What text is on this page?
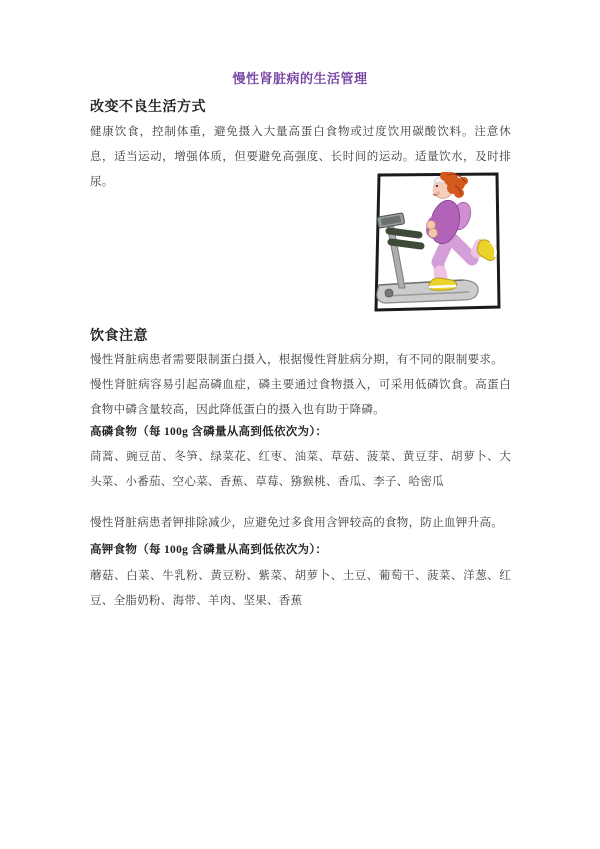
慢性肾脏病的生活管理
改变不良生活方式
健康饮食，控制体重，避免摄入大量高蛋白食物或过度饮用碳酸饮料。注意休息，适当运动，增强体质，但要避免高强度、长时间的运动。适量饮水，及时排尿。
饮食注意
慢性肾脏病患者需要限制蛋白摄入，根据慢性肾脏病分期，有不同的限制要求。
慢性肾脏病容易引起高磷血症，磷主要通过食物摄入，可采用低磷饮食。高蛋白食物中磷含量较高，因此降低蛋白的摄入也有助于降磷。
高磷食物（每 100g 含磷量从高到低依次为）：
茼蒿、豌豆苗、冬笋、绿菜花、红枣、油菜、草菇、菠菜、黄豆芽、胡萝卜、大头菜、小番茄、空心菜、香蕉、草莓、猕猴桃、香瓜、李子、哈密瓜
慢性肾脏病患者钾排除减少，应避免过多食用含钾较高的食物，防止血钾升高。
高钾食物（每 100g 含磷量从高到低依次为）：
蘑菇、白菜、牛乳粉、黄豆粉、紫菜、胡萝卜、土豆、葡萄干、菠菜、洋葱、红豆、全脂奶粉、海带、羊肉、坚果、香蕉
